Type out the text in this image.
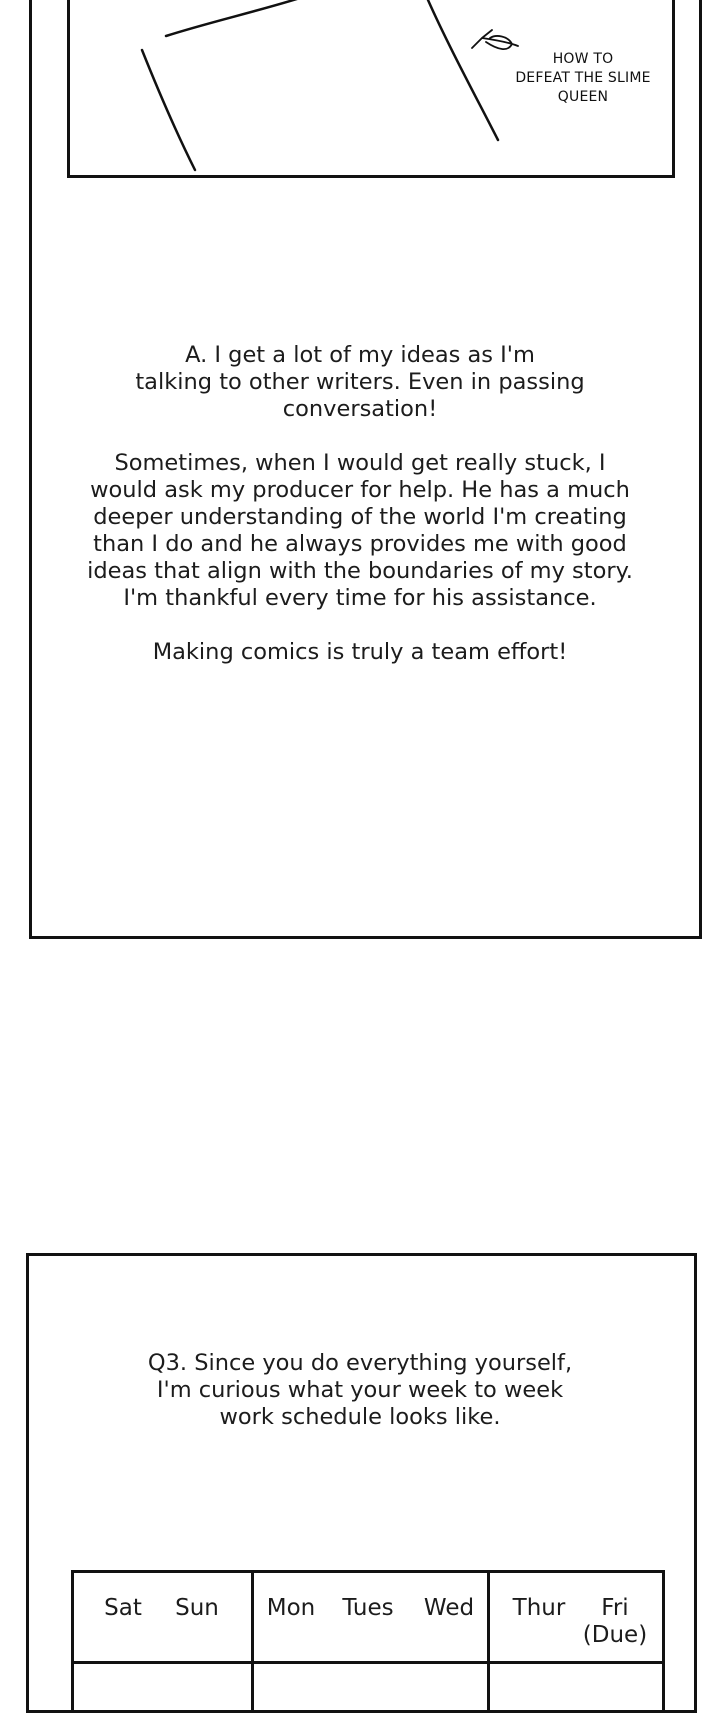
HOW TO
DEFEAT THE SLIME
QUEEN

A. I get a lot of my ideas as I'm
talking to other writers. Even in passing
conversation!

Sometimes, when I would get really stuck, I
would ask my producer for help. He has a much
deeper understanding of the world I'm creating
than I do and he always provides me with good
ideas that align with the boundaries of my story.
I'm thankful every time for his assistance.

Making comics is truly a team effort!

Q3. Since you do everything yourself,
I'm curious what your week to week
work schedule looks like.

Sat Sun Mon Tues Wed Thur	Fri
(Due)
